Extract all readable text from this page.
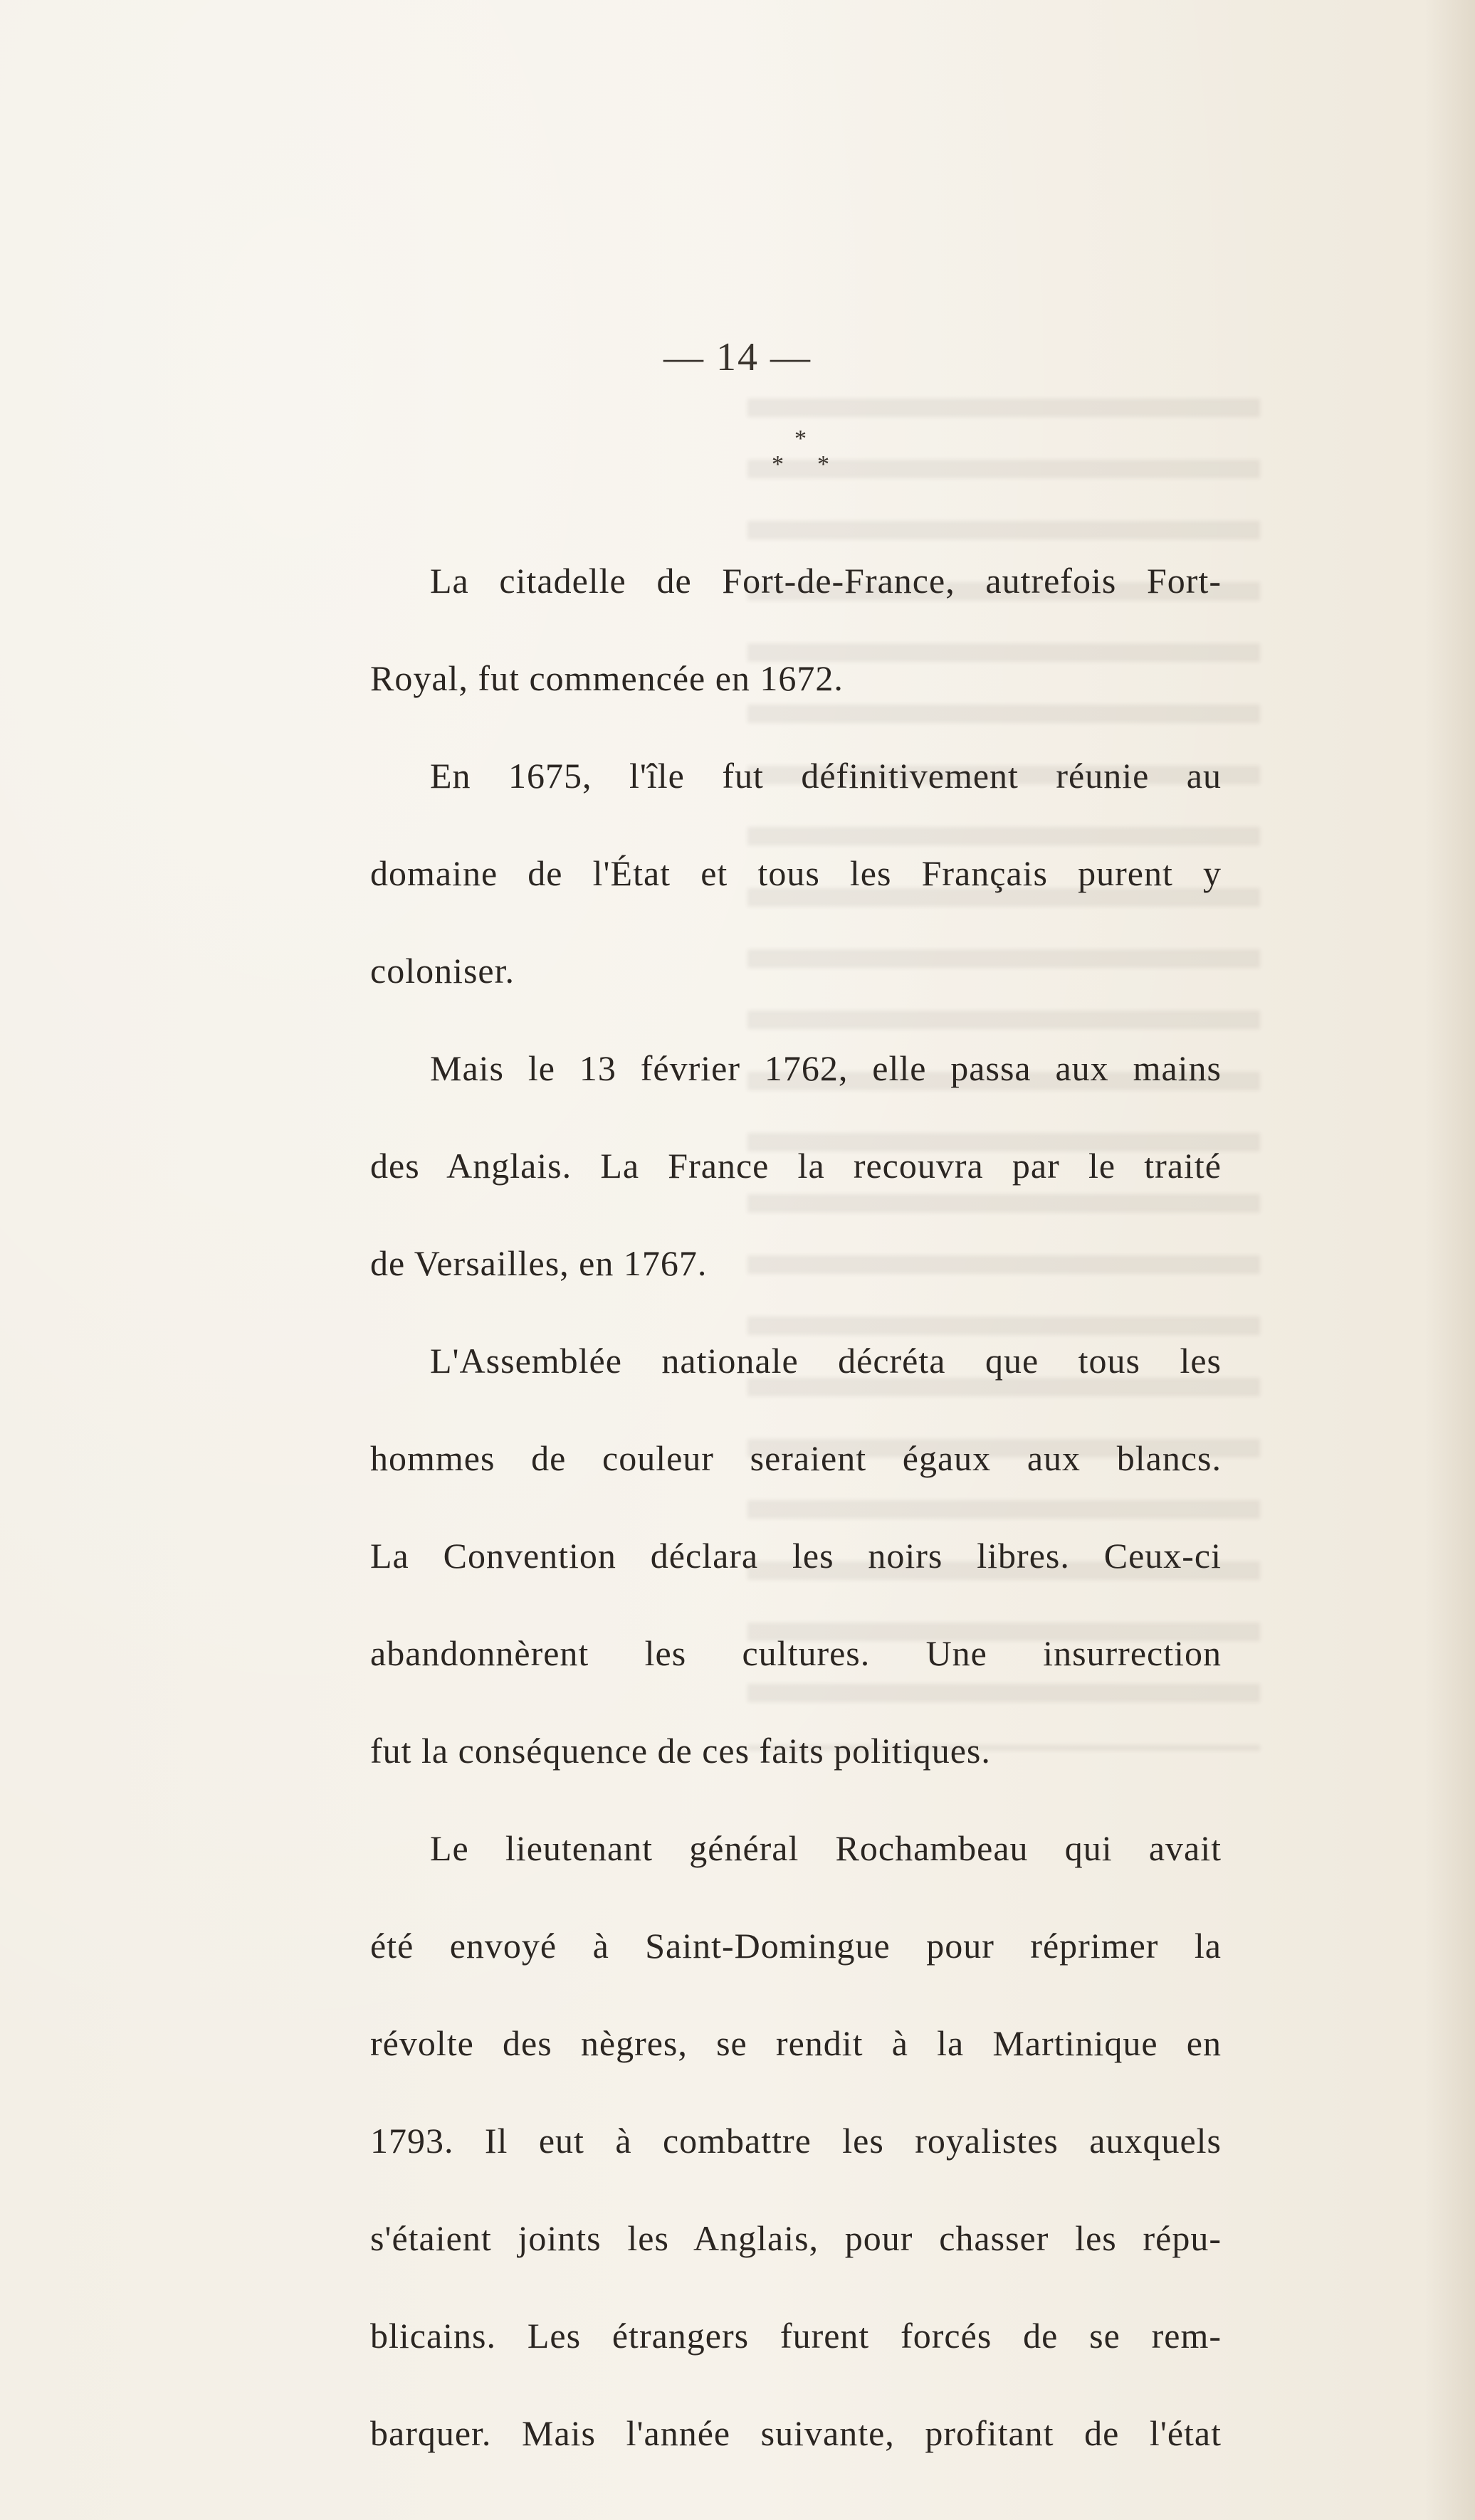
— 14 —
*
* *
La citadelle de Fort-de-France, autrefois Fort-
Royal, fut commencée en 1672.
En 1675, l'île fut définitivement réunie au
domaine de l'État et tous les Français purent y
coloniser.
Mais le 13 février 1762, elle passa aux mains
des Anglais. La France la recouvra par le traité
de Versailles, en 1767.
L'Assemblée nationale décréta que tous les
hommes de couleur seraient égaux aux blancs.
La Convention déclara les noirs libres. Ceux-ci
abandonnèrent les cultures. Une insurrection
fut la conséquence de ces faits politiques.
Le lieutenant général Rochambeau qui avait
été envoyé à Saint-Domingue pour réprimer la
révolte des nègres, se rendit à la Martinique en
1793. Il eut à combattre les royalistes auxquels
s'étaient joints les Anglais, pour chasser les répu-
blicains. Les étrangers furent forcés de se rem-
barquer. Mais l'année suivante, profitant de l'état
